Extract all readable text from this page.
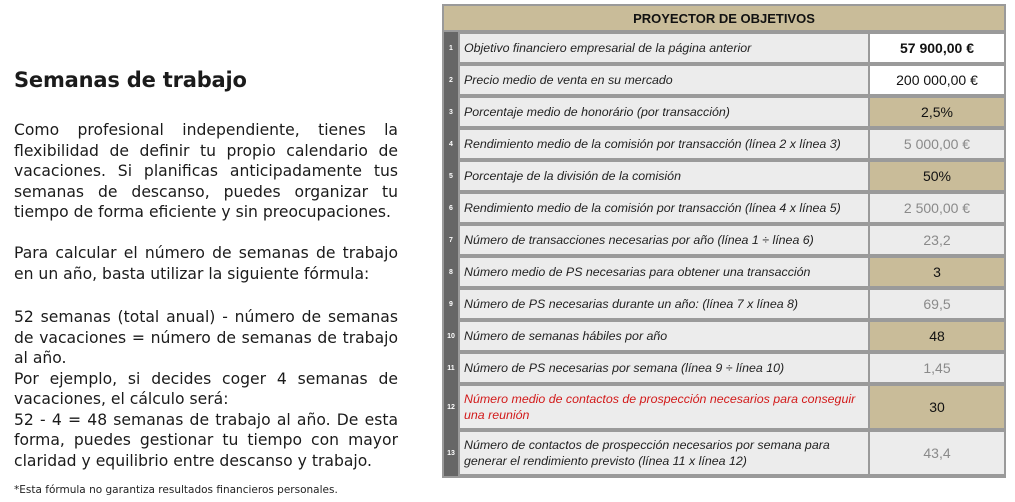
Semanas de trabajo
Como profesional independiente, tienes la flexibilidad de definir tu propio calendario de vacaciones. Si planificas anticipadamente tus semanas de descanso, puedes organizar tu tiempo de forma eficiente y sin preocupaciones.
Para calcular el número de semanas de trabajo en un año, basta utilizar la siguiente fórmula:
52 semanas (total anual) - número de semanas de vacaciones = número de semanas de trabajo al año.
Por ejemplo, si decides coger 4 semanas de vacaciones, el cálculo será:
52 - 4 = 48 semanas de trabajo al año. De esta forma, puedes gestionar tu tiempo con mayor claridad y equilibrio entre descanso y trabajo.
*Esta fórmula no garantiza resultados financieros personales.
PROYECTOR DE OBJETIVOS
1 Objetivo financiero empresarial de la página anterior	57 900,00 €
2 Precio medio de venta en su mercado	200 000,00 €
3 Porcentaje medio de honorário (por transacción)	2,5%
4 Rendimiento medio de la comisión por transacción (línea 2 x línea 3)	5 000,00 €
5 Porcentaje de la división de la comisión	50%
6 Rendimiento medio de la comisión por transacción (línea 4 x línea 5)	2 500,00 €
7 Número de transacciones necesarias por año (línea 1 ÷ línea 6)	23,2
8 Número medio de PS necesarias para obtener una transacción	3
9 Número de PS necesarias durante un año: (línea 7 x línea 8)	69,5
10 Número de semanas hábiles por año	48
11 Número de PS necesarias por semana (línea 9 ÷ línea 10)	1,45
12
Número medio de contactos de prospección necesarios para conseguir una reunión	30
13
Número de contactos de prospección necesarios por semana para generar el rendimiento previsto (línea 11 x línea 12)	43,4
